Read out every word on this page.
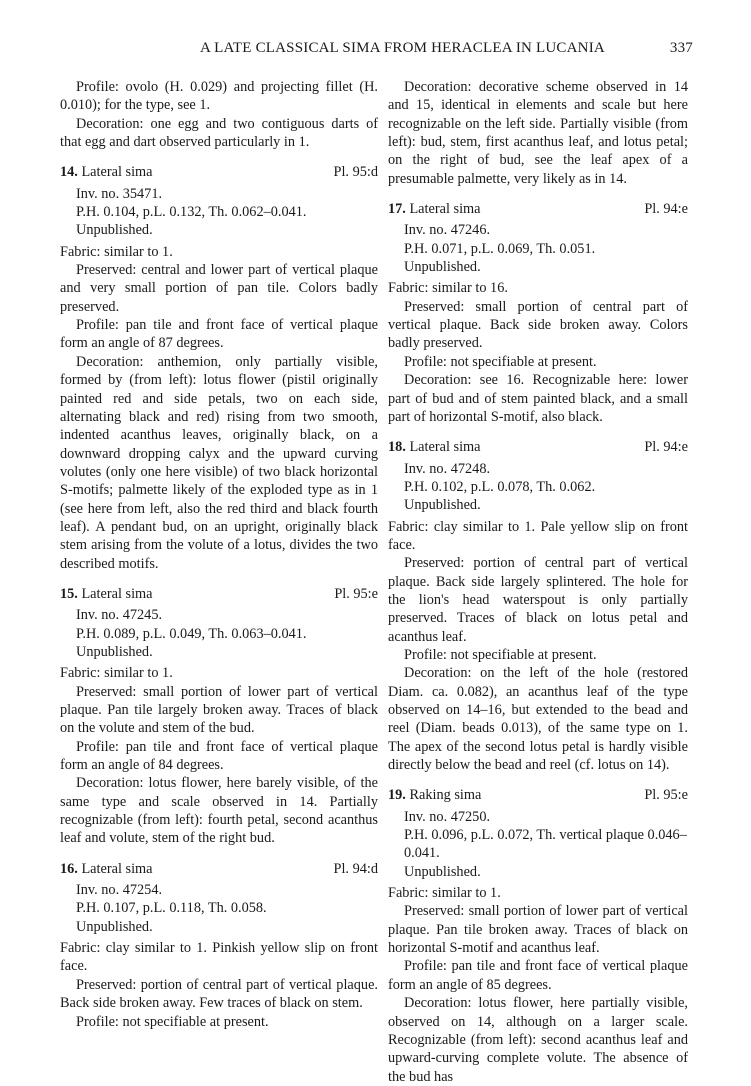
A LATE CLASSICAL SIMA FROM HERACLEA IN LUCANIA	337

Profile: ovolo (H. 0.029) and projecting fillet (H. 0.010); for the type, see 1.

Decoration: one egg and two contiguous darts of that egg and dart observed particularly in 1.

14. Lateral sima	Pl. 95:d
Inv. no. 35471.
P.H. 0.104, p.L. 0.132, Th. 0.062–0.041.
Unpublished.

Fabric: similar to 1.

Preserved: central and lower part of vertical plaque and very small portion of pan tile. Colors badly preserved.

Profile: pan tile and front face of vertical plaque form an angle of 87 degrees.

Decoration: anthemion, only partially visible, formed by (from left): lotus flower (pistil originally painted red and side petals, two on each side, alternating black and red) rising from two smooth, indented acanthus leaves, originally black, on a downward dropping calyx and the upward curving volutes (only one here visible) of two black horizontal S-motifs; palmette likely of the exploded type as in 1 (see here from left, also the red third and black fourth leaf). A pendant bud, on an upright, originally black stem arising from the volute of a lotus, divides the two described motifs.

15. Lateral sima	Pl. 95:e
Inv. no. 47245.
P.H. 0.089, p.L. 0.049, Th. 0.063–0.041.
Unpublished.

Fabric: similar to 1.

Preserved: small portion of lower part of vertical plaque. Pan tile largely broken away. Traces of black on the volute and stem of the bud.

Profile: pan tile and front face of vertical plaque form an angle of 84 degrees.

Decoration: lotus flower, here barely visible, of the same type and scale observed in 14. Partially recognizable (from left): fourth petal, second acanthus leaf and volute, stem of the right bud.

16. Lateral sima	Pl. 94:d
Inv. no. 47254.
P.H. 0.107, p.L. 0.118, Th. 0.058.
Unpublished.

Fabric: clay similar to 1. Pinkish yellow slip on front face.

Preserved: portion of central part of vertical plaque. Back side broken away. Few traces of black on stem.

Profile: not specifiable at present.

Decoration: decorative scheme observed in 14 and 15, identical in elements and scale but here recognizable on the left side. Partially visible (from left): bud, stem, first acanthus leaf, and lotus petal; on the right of bud, see the leaf apex of a presumable palmette, very likely as in 14.

17. Lateral sima	Pl. 94:e
Inv. no. 47246.
P.H. 0.071, p.L. 0.069, Th. 0.051.
Unpublished.

Fabric: similar to 16.

Preserved: small portion of central part of vertical plaque. Back side broken away. Colors badly preserved.

Profile: not specifiable at present.

Decoration: see 16. Recognizable here: lower part of bud and of stem painted black, and a small part of horizontal S-motif, also black.

18. Lateral sima	Pl. 94:e
Inv. no. 47248.
P.H. 0.102, p.L. 0.078, Th. 0.062.
Unpublished.

Fabric: clay similar to 1. Pale yellow slip on front face.

Preserved: portion of central part of vertical plaque. Back side largely splintered. The hole for the lion's head waterspout is only partially preserved. Traces of black on lotus petal and acanthus leaf.

Profile: not specifiable at present.

Decoration: on the left of the hole (restored Diam. ca. 0.082), an acanthus leaf of the type observed on 14–16, but extended to the bead and reel (Diam. beads 0.013), of the same type on 1. The apex of the second lotus petal is hardly visible directly below the bead and reel (cf. lotus on 14).

19. Raking sima	Pl. 95:e
Inv. no. 47250.
P.H. 0.096, p.L. 0.072, Th. vertical plaque 0.046–0.041.
Unpublished.

Fabric: similar to 1.

Preserved: small portion of lower part of vertical plaque. Pan tile broken away. Traces of black on horizontal S-motif and acanthus leaf.

Profile: pan tile and front face of vertical plaque form an angle of 85 degrees.

Decoration: lotus flower, here partially visible, observed on 14, although on a larger scale. Recognizable (from left): second acanthus leaf and upward-curving complete volute. The absence of the bud has
